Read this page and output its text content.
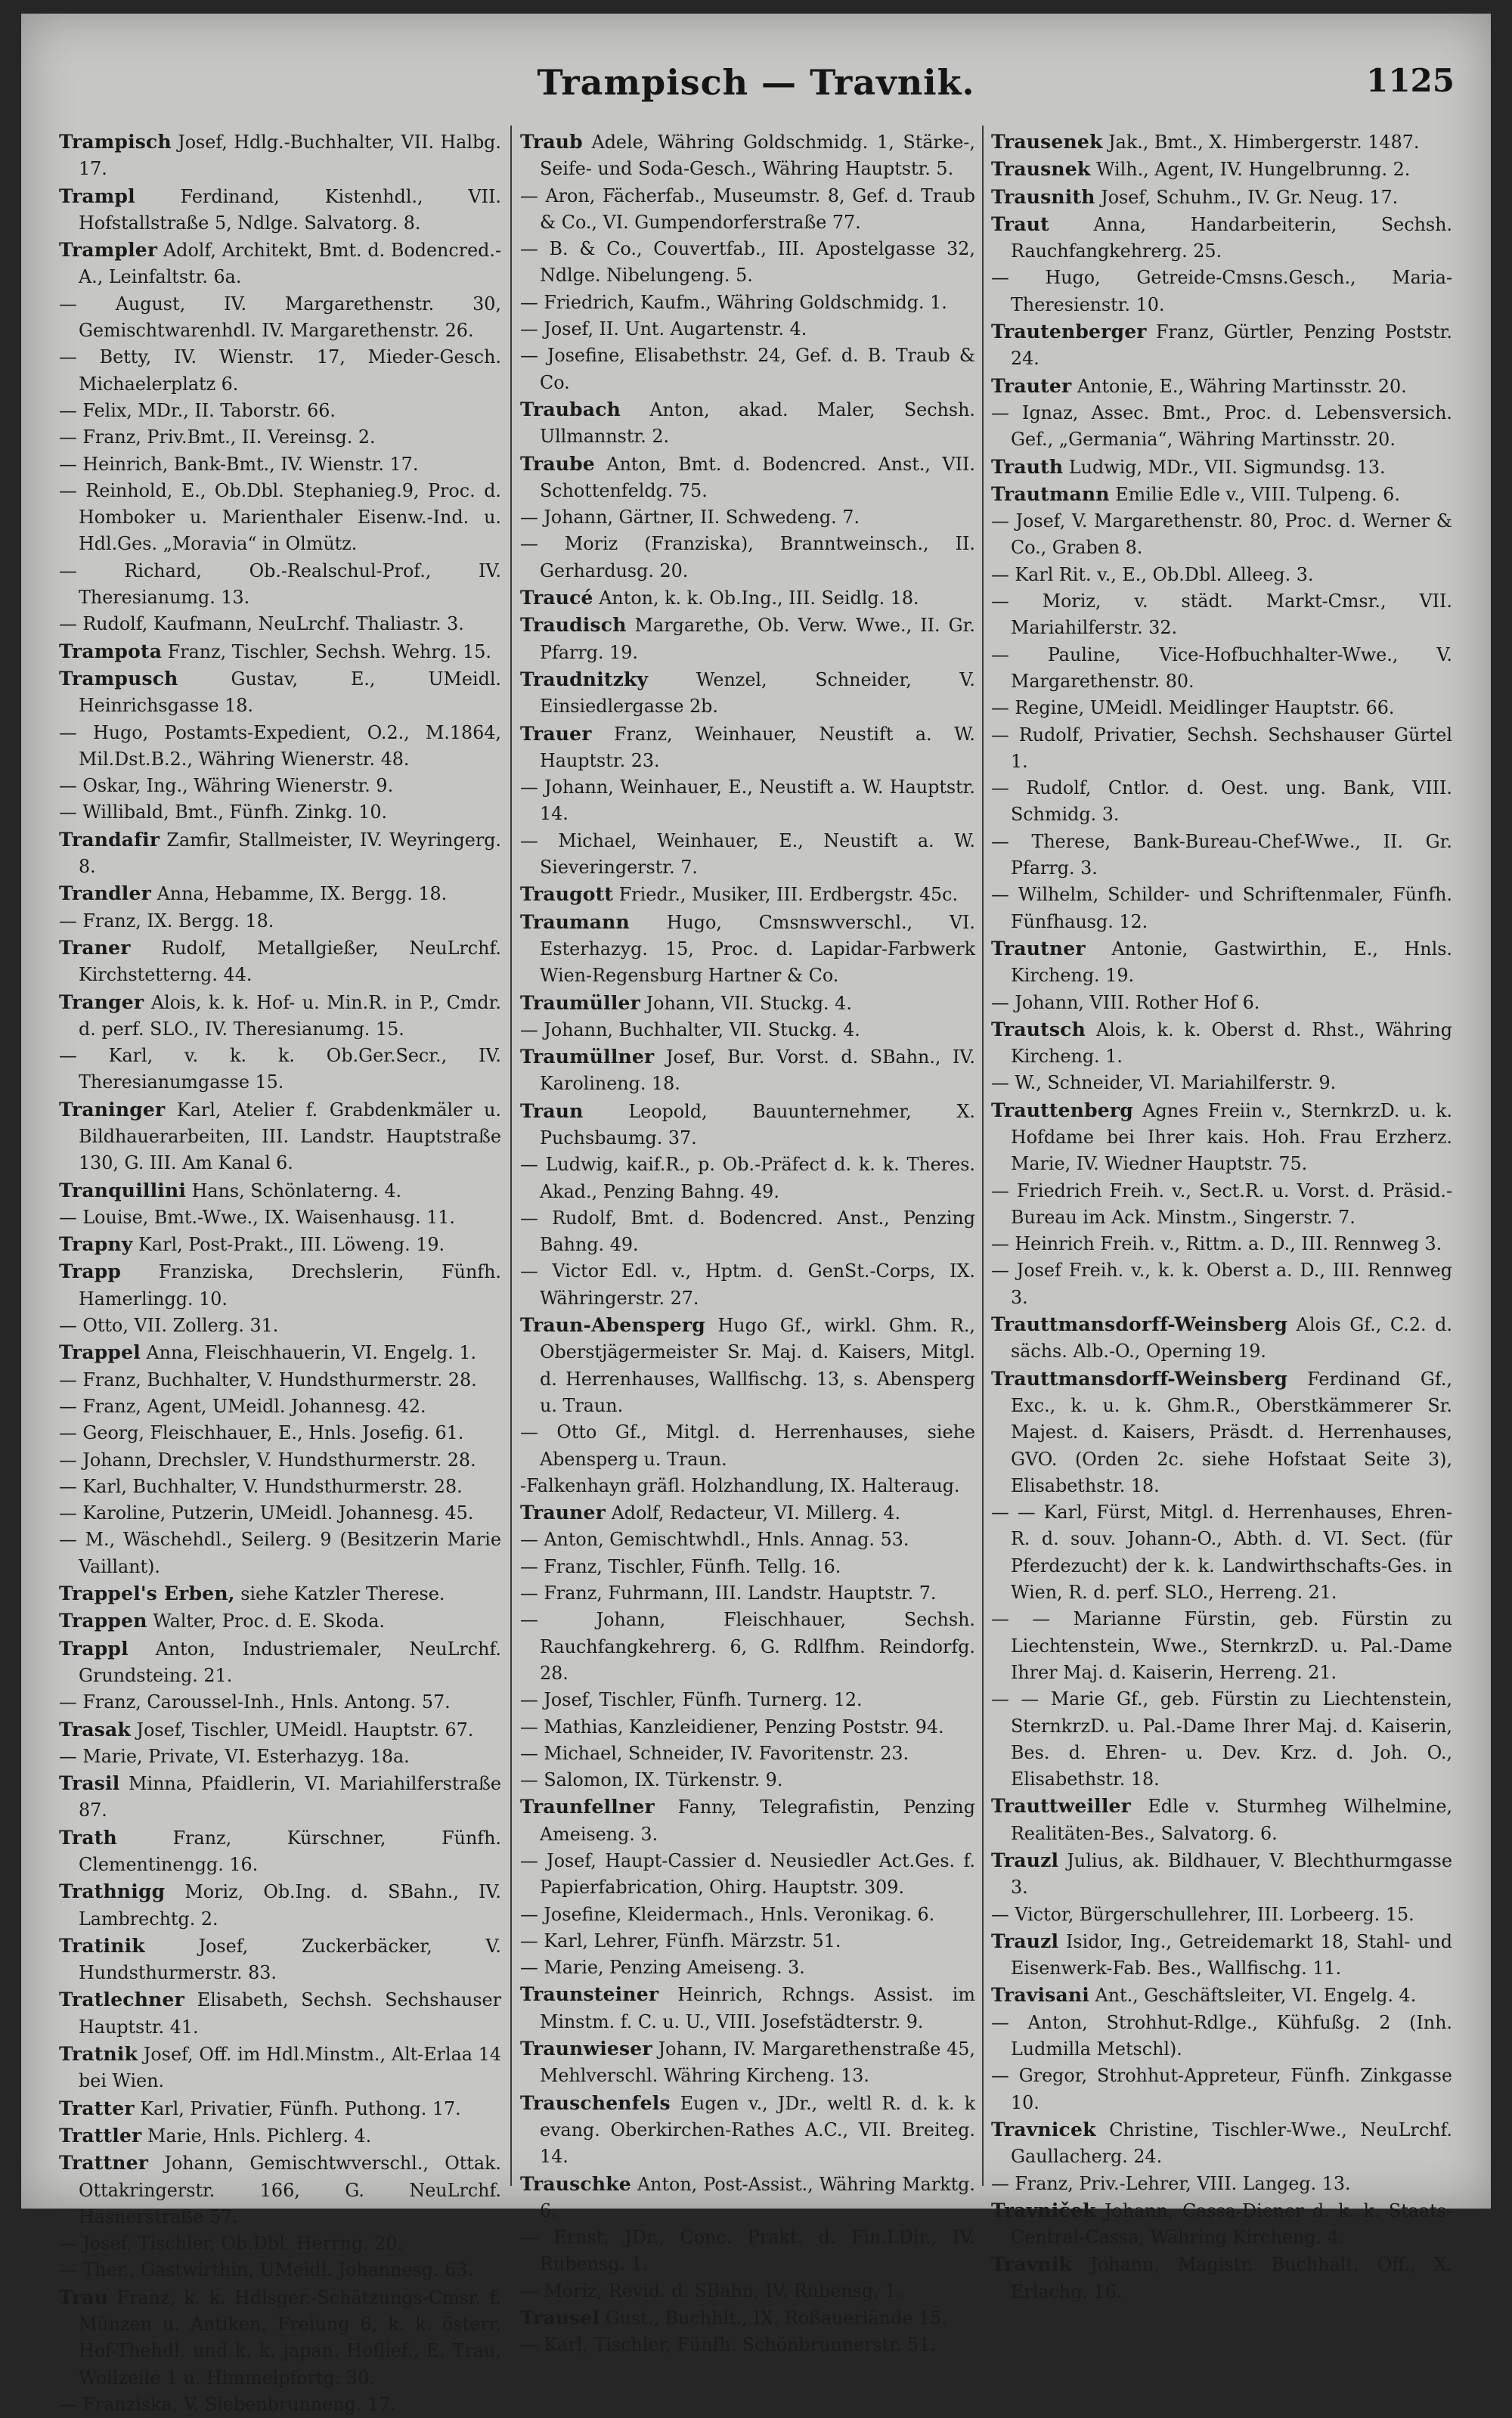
Trampisch — Travnik.	1125

Trampisch Josef, Hdlg.-Buchhalter, VII. Halbg. 17.

Trampl	Ferdinand, Kistenhdl., VII. Hofstallstraße 5, Ndlge. Salvatorg. 8.

Trampler Adolf, Architekt, Bmt. d. Bodencred.-A., Leinfaltstr. 6a.

— August, IV. Margarethenstr. 30, Gemischtwarenhdl. IV. Margarethenstr. 26.

— Betty, IV. Wienstr. 17, Mieder-Gesch. Michaelerplatz 6.

— Felix, MDr., II. Taborstr. 66.

— Franz, Priv.Bmt., II. Vereinsg. 2.

— Heinrich, Bank-Bmt., IV. Wienstr. 17.

— Reinhold, E., Ob.Dbl. Stephanieg.9, Proc. d. Homboker u. Marienthaler Eisenw.-Ind. u. Hdl.Ges. „Moravia“ in Olmütz.

— Richard, Ob.-Realschul-Prof., IV. Theresianumg. 13.

— Rudolf, Kaufmann, NeuLrchf. Thaliastr. 3.

Trampota Franz, Tischler, Sechsh. Wehrg. 15.

Trampusch	Gustav, E., UMeidl. Heinrichsgasse 18.

— Hugo, Postamts-Expedient, O.2., M.1864, Mil.Dst.B.2., Währing Wienerstr. 48.

— Oskar, Ing., Währing Wienerstr. 9.

— Willibald, Bmt., Fünfh. Zinkg. 10.

Trandafir Zamfir, Stallmeister, IV. Weyringerg. 8.

Trandler Anna, Hebamme, IX. Bergg. 18.

— Franz, IX. Bergg. 18.

Traner Rudolf, Metallgießer, NeuLrchf. Kirchstetterng. 44.

Tranger Alois, k. k. Hof- u. Min.R. in P., Cmdr. d. perf. SLO., IV. Theresianumg. 15.

— Karl, v. k. k. Ob.Ger.Secr., IV. Theresianumgasse 15.

Traninger Karl, Atelier f. Grabdenkmäler u. Bildhauerarbeiten, III. Landstr. Hauptstraße 130, G. III. Am Kanal 6.

Tranquillini Hans, Schönlaterng. 4.

— Louise, Bmt.-Wwe., IX. Waisenhausg. 11.

Trapny Karl, Post-Prakt., III. Löweng. 19.

Trapp Franziska, Drechslerin, Fünfh. Hamerlingg. 10.

— Otto, VII. Zollerg. 31.

Trappel Anna, Fleischhauerin, VI. Engelg. 1.

— Franz, Buchhalter, V. Hundsthurmerstr. 28.

— Franz, Agent, UMeidl. Johannesg. 42.

— Georg, Fleischhauer, E., Hnls. Josefig. 61.

— Johann, Drechsler, V. Hundsthurmerstr. 28.

— Karl, Buchhalter, V. Hundsthurmerstr. 28.

— Karoline, Putzerin, UMeidl. Johannesg. 45.

— M., Wäschehdl., Seilerg. 9 (Besitzerin Marie Vaillant).

Trappel's Erben, siehe Katzler Therese.

Trappen Walter, Proc. d. E. Skoda.

Trappl Anton, Industriemaler, NeuLrchf. Grundsteing. 21.

— Franz, Caroussel-Inh., Hnls. Antong. 57.

Trasak Josef, Tischler, UMeidl. Hauptstr. 67.

— Marie, Private, VI. Esterhazyg. 18a.

Trasil Minna, Pfaidlerin, VI. Mariahilferstraße 87.

Trath	Franz, Kürschner, Fünfh. Clementinengg. 16.

Trathnigg Moriz, Ob.Ing. d. SBahn., IV. Lambrechtg. 2.

Tratinik	Josef, Zuckerbäcker, V. Hundsthurmerstr. 83.

Tratlechner Elisabeth, Sechsh. Sechshauser Hauptstr. 41.

Tratnik Josef, Off. im Hdl.Minstm., Alt-Erlaa 14 bei Wien.

Tratter Karl, Privatier, Fünfh. Puthong. 17.

Trattler Marie, Hnls. Pichlerg. 4.

Trattner Johann, Gemischtwverschl., Ottak. Ottakringerstr. 166, G. NeuLrchf. Hasnerstraße 57.

— Josef, Tischler, Ob.Dbl. Herrng. 20.

— Ther., Gastwirthin, UMeidl. Johannesg. 63.

Trau Franz, k. k. Hdlsger.-Schätzungs-Cmsr. f. Münzen u. Antiken, Freiung 6, k. k. österr. Hof-Thehdl. und k. k. japan. Hoflief., E. Trau, Wollzeile 1 u. Himmelpfortg. 30.

— Franziska, V. Siebenbrunneng. 17.

Traub Adele, Währing Goldschmidg. 1, Stärke-, Seife- und Soda-Gesch., Währing Hauptstr. 5.

— Aron, Fächerfab., Museumstr. 8, Gef. d. Traub & Co., VI. Gumpendorferstraße 77.

— B. & Co., Couvertfab., III. Apostelgasse 32, Ndlge. Nibelungeng. 5.

— Friedrich, Kaufm., Währing Goldschmidg. 1.

— Josef, II. Unt. Augartenstr. 4.

— Josefine, Elisabethstr. 24, Gef. d. B. Traub & Co.

Traubach Anton, akad. Maler, Sechsh. Ullmannstr. 2.

Traube Anton, Bmt. d. Bodencred. Anst., VII. Schottenfeldg. 75.

— Johann, Gärtner, II. Schwedeng. 7.

— Moriz (Franziska), Branntweinsch., II. Gerhardusg. 20.

Traucé Anton, k. k. Ob.Ing., III. Seidlg. 18.

Traudisch Margarethe, Ob. Verw. Wwe., II. Gr. Pfarrg. 19.

Traudnitzky	Wenzel, Schneider, V. Einsiedlergasse 2b.

Trauer Franz, Weinhauer, Neustift a. W. Hauptstr. 23.

— Johann, Weinhauer, E., Neustift a. W. Hauptstr. 14.

— Michael, Weinhauer, E., Neustift a. W. Sieveringerstr. 7.

Traugott Friedr., Musiker, III. Erdbergstr. 45c.

Traumann Hugo, Cmsnswverschl., VI. Esterhazyg. 15, Proc. d. Lapidar-Farbwerk Wien-Regensburg Hartner & Co.

Traumüller Johann, VII. Stuckg. 4.

— Johann, Buchhalter, VII. Stuckg. 4.

Traumüllner Josef, Bur. Vorst. d. SBahn., IV. Karolineng. 18.

Traun	Leopold, Bauunternehmer, X. Puchsbaumg. 37.

— Ludwig, kaif.R., p. Ob.-Präfect d. k. k. Theres. Akad., Penzing Bahng. 49.

— Rudolf, Bmt. d. Bodencred. Anst., Penzing Bahng. 49.

— Victor Edl. v., Hptm. d. GenSt.-Corps, IX. Währingerstr. 27.

Traun-Abensperg Hugo Gf., wirkl. Ghm. R., Oberstjägermeister Sr. Maj. d. Kaisers, Mitgl. d. Herrenhauses, Wallfischg. 13, s. Abensperg u. Traun.

— Otto Gf., Mitgl. d. Herrenhauses, siehe Abensperg u. Traun.

-Falkenhayn gräfl. Holzhandlung, IX. Halteraug.

Trauner Adolf, Redacteur, VI. Millerg. 4.

— Anton, Gemischtwhdl., Hnls. Annag. 53.

— Franz, Tischler, Fünfh. Tellg. 16.

— Franz, Fuhrmann, III. Landstr. Hauptstr. 7.

— Johann, Fleischhauer, Sechsh. Rauchfangkehrerg. 6, G. Rdlfhm. Reindorfg. 28.

— Josef, Tischler, Fünfh. Turnerg. 12.

— Mathias, Kanzleidiener, Penzing Poststr. 94.

— Michael, Schneider, IV. Favoritenstr. 23.

— Salomon, IX. Türkenstr. 9.

Traunfellner Fanny, Telegrafistin, Penzing Ameiseng. 3.

— Josef, Haupt-Cassier d. Neusiedler Act.Ges. f. Papierfabrication, Ohirg. Hauptstr. 309.

— Josefine, Kleidermach., Hnls. Veronikag. 6.

— Karl, Lehrer, Fünfh. Märzstr. 51.

— Marie, Penzing Ameiseng. 3.

Traunsteiner Heinrich, Rchngs. Assist. im Minstm. f. C. u. U., VIII. Josefstädterstr. 9.

Traunwieser Johann, IV. Margarethenstraße 45, Mehlverschl. Währing Kircheng. 13.

Trauschenfels Eugen v., JDr., weltl R. d. k. k evang. Oberkirchen-Rathes A.C., VII. Breiteg. 14.

Trauschke Anton, Post-Assist., Währing Marktg. 6.

— Ernst, JDr., Conc. Prakt. d. Fin.LDir., IV. Rubensg. 1.

— Moriz, Revid. d. SBahn, IV. Rubensg. 1.

Trausel Gust., Buchhlt., IX. Roßauerlände 15.

— Karl, Tischler, Fünfh. Schönbrunnerstr. 51.

Trausenek Jak., Bmt., X. Himbergerstr. 1487.

Trausnek Wilh., Agent, IV. Hungelbrunng. 2.

Trausnith Josef, Schuhm., IV. Gr. Neug. 17.

Traut Anna, Handarbeiterin, Sechsh. Rauchfangkehrerg. 25.

— Hugo, Getreide-Cmsns.Gesch., Maria-Theresienstr. 10.

Trautenberger Franz, Gürtler, Penzing Poststr. 24.

Trauter Antonie, E., Währing Martinsstr. 20.

— Ignaz, Assec. Bmt., Proc. d. Lebensversich. Gef., „Germania“, Währing Martinsstr. 20.

Trauth Ludwig, MDr., VII. Sigmundsg. 13.

Trautmann Emilie Edle v., VIII. Tulpeng. 6.

— Josef, V. Margarethenstr. 80, Proc. d. Werner & Co., Graben 8.

— Karl Rit. v., E., Ob.Dbl. Alleeg. 3.

— Moriz, v. städt. Markt-Cmsr., VII. Mariahilferstr. 32.

— Pauline, Vice-Hofbuchhalter-Wwe., V. Margarethenstr. 80.

— Regine, UMeidl. Meidlinger Hauptstr. 66.

— Rudolf, Privatier, Sechsh. Sechshauser Gürtel 1.

— Rudolf, Cntlor. d. Oest. ung. Bank, VIII. Schmidg. 3.

— Therese, Bank-Bureau-Chef-Wwe., II. Gr. Pfarrg. 3.

— Wilhelm, Schilder- und Schriftenmaler, Fünfh. Fünfhausg. 12.

Trautner Antonie, Gastwirthin, E., Hnls. Kircheng. 19.

— Johann, VIII. Rother Hof 6.

Trautsch Alois, k. k. Oberst d. Rhst., Währing Kircheng. 1.

— W., Schneider, VI. Mariahilferstr. 9.

Trauttenberg Agnes Freiin v., SternkrzD. u. k. Hofdame bei Ihrer kais. Hoh. Frau Erzherz. Marie, IV. Wiedner Hauptstr. 75.

— Friedrich Freih. v., Sect.R. u. Vorst. d. Präsid.-Bureau im Ack. Minstm., Singerstr. 7.

— Heinrich Freih. v., Rittm. a. D., III. Rennweg 3.

— Josef Freih. v., k. k. Oberst a. D., III. Rennweg 3.

Trauttmansdorff-Weinsberg Alois Gf., C.2. d. sächs. Alb.-O., Operning 19.

Trauttmansdorff-Weinsberg Ferdinand Gf., Exc., k. u. k. Ghm.R., Oberstkämmerer Sr. Majest. d. Kaisers, Präsdt. d. Herrenhauses, GVO. (Orden 2c. siehe Hofstaat Seite 3), Elisabethstr. 18.

— — Karl, Fürst, Mitgl. d. Herrenhauses, Ehren-R. d. souv. Johann-O., Abth. d. VI. Sect. (für Pferdezucht) der k. k. Landwirthschafts-Ges. in Wien, R. d. perf. SLO., Herreng. 21.

— — Marianne Fürstin, geb. Fürstin zu Liechtenstein, Wwe., SternkrzD. u. Pal.-Dame Ihrer Maj. d. Kaiserin, Herreng. 21.

— — Marie Gf., geb. Fürstin zu Liechtenstein, SternkrzD. u. Pal.-Dame Ihrer Maj. d. Kaiserin, Bes. d. Ehren- u. Dev. Krz. d. Joh. O., Elisabethstr. 18.

Trauttweiller Edle v. Sturmheg Wilhelmine, Realitäten-Bes., Salvatorg. 6.

Trauzl Julius, ak. Bildhauer, V. Blechthurmgasse 3.

— Victor, Bürgerschullehrer, III. Lorbeerg. 15.

Trauzl Isidor, Ing., Getreidemarkt 18, Stahl- und Eisenwerk-Fab. Bes., Wallfischg. 11.

Travisani Ant., Geschäftsleiter, VI. Engelg. 4.

— Anton, Strohhut-Rdlge., Kühfußg. 2 (Inh. Ludmilla Metschl).

— Gregor, Strohhut-Appreteur, Fünfh. Zinkgasse 10.

Travnicek Christine, Tischler-Wwe., NeuLrchf. Gaullacherg. 24.

— Franz, Priv.-Lehrer, VIII. Langeg. 13.

Travniček Johann, Cassa-Diener d. k. k. Staats-Central-Cassa, Währing Kircheng. 4.

Travnik Johann, Magistr. Buchhalt. Off., X. Erlachg. 16.
